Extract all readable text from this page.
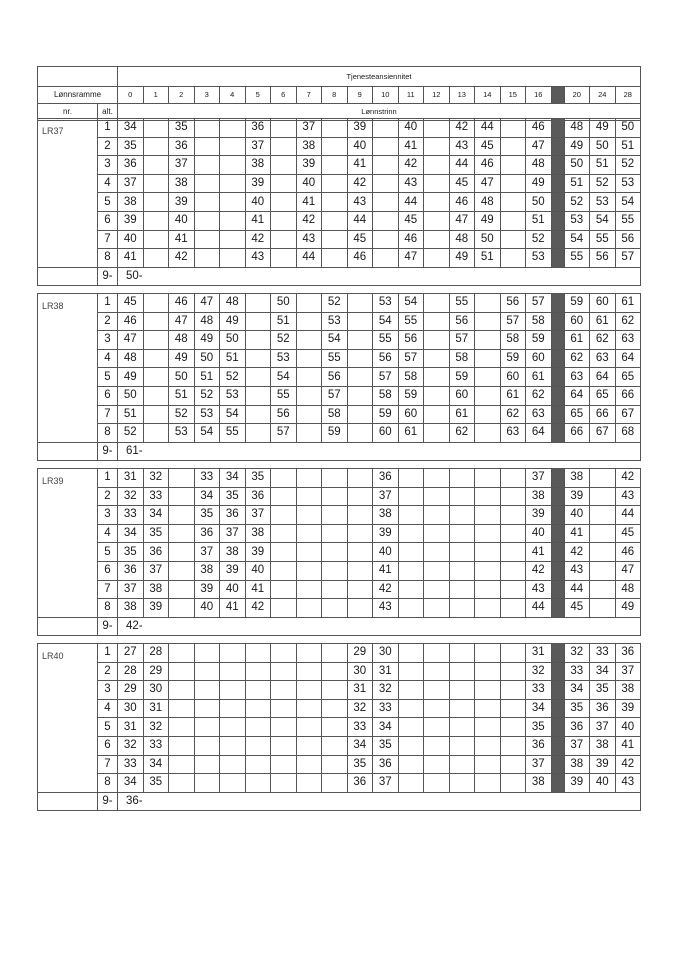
		Tjenesteansiennitet																				
Lønnsramme		0	1	2	3	4	5	6	7	8	9	10	11	12	13	14	15	16		20	24	28
nr.	alt.	Lønnstrinn																				
LR37	1	34		35			36		37		39		40		42	44		46		48	49	50
	2	35		36			37		38		40		41		43	45		47		49	50	51
	3	36		37			38		39		41		42		44	46		48		50	51	52
	4	37		38			39		40		42		43		45	47		49		51	52	53
	5	38		39			40		41		43		44		46	48		50		52	53	54
	6	39		40			41		42		44		45		47	49		51		53	54	55
	7	40		41			42		43		45		46		48	50		52		54	55	56
	8	41		42			43		44		46		47		49	51		53		55	56	57
	9-	50-																				
LR38	1	45		46	47	48		50		52		53	54		55		56	57		59	60	61
	2	46		47	48	49		51		53		54	55		56		57	58		60	61	62
	3	47		48	49	50		52		54		55	56		57		58	59		61	62	63
	4	48		49	50	51		53		55		56	57		58		59	60		62	63	64
	5	49		50	51	52		54		56		57	58		59		60	61		63	64	65
	6	50		51	52	53		55		57		58	59		60		61	62		64	65	66
	7	51		52	53	54		56		58		59	60		61		62	63		65	66	67
	8	52		53	54	55		57		59		60	61		62		63	64		66	67	68
	9-	61-																				
LR39	1	31	32		33	34	35					36						37		38		42
	2	32	33		34	35	36					37						38		39		43
	3	33	34		35	36	37					38						39		40		44
	4	34	35		36	37	38					39						40		41		45
	5	35	36		37	38	39					40						41		42		46
	6	36	37		38	39	40					41						42		43		47
	7	37	38		39	40	41					42						43		44		48
	8	38	39		40	41	42					43						44		45		49
	9-	42-																				
LR40	1	27	28								29	30						31		32	33	36
	2	28	29								30	31						32		33	34	37
	3	29	30								31	32						33		34	35	38
	4	30	31								32	33						34		35	36	39
	5	31	32								33	34						35		36	37	40
	6	32	33								34	35						36		37	38	41
	7	33	34								35	36						37		38	39	42
	8	34	35								36	37						38		39	40	43
	9-	36-																				
